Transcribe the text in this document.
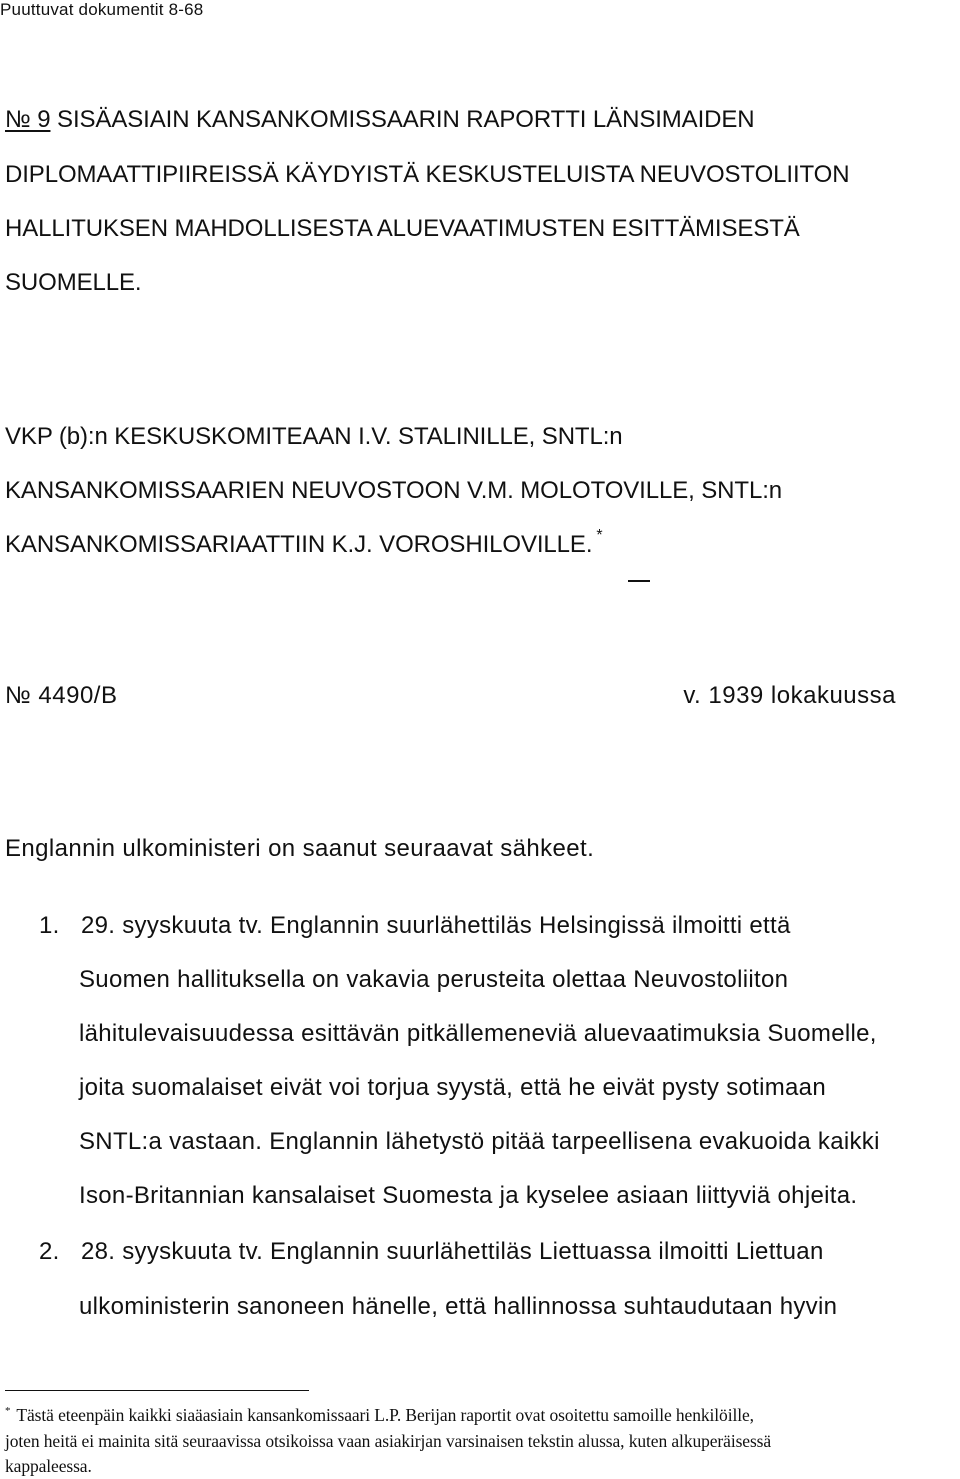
Puuttuvat dokumentit 8-68
№ 9 SISÄASIAIN KANSANKOMISSAARIN RAPORTTI LÄNSIMAIDEN
DIPLOMAATTIPIIREISSÄ KÄYDYISTÄ KESKUSTELUISTA NEUVOSTOLIITON
HALLITUKSEN MAHDOLLISESTA ALUEVAATIMUSTEN ESITTÄMISESTÄ
SUOMELLE.
VKP (b):n KESKUSKOMITEAAN I.V. STALINILLE, SNTL:n
KANSANKOMISSAARIEN NEUVOSTOON V.M. MOLOTOVILLE, SNTL:n
KANSANKOMISSARIAATTIIN K.J. VOROSHILOVILLE. *
№ 4490/B	v. 1939 lokakuussa
Englannin ulkoministeri on saanut seuraavat sähkeet.
1. 29. syyskuuta tv. Englannin suurlähettiläs Helsingissä ilmoitti että
Suomen hallituksella on vakavia perusteita olettaa Neuvostoliiton
lähitulevaisuudessa esittävän pitkällemeneviä aluevaatimuksia Suomelle,
joita suomalaiset eivät voi torjua syystä, että he eivät pysty sotimaan
SNTL:a vastaan. Englannin lähetystö pitää tarpeellisena evakuoida kaikki
Ison-Britannian kansalaiset Suomesta ja kyselee asiaan liittyviä ohjeita.
2. 28. syyskuuta tv. Englannin suurlähettiläs Liettuassa ilmoitti Liettuan
ulkoministerin sanoneen hänelle, että hallinnossa suhtaudutaan hyvin
* Tästä eteenpäin kaikki siaäasiain kansankomissaari L.P. Berijan raportit ovat osoitettu samoille henkilöille,
joten heitä ei mainita sitä seuraavissa otsikoissa vaan asiakirjan varsinaisen tekstin alussa, kuten alkuperäisessä
kappaleessa.
